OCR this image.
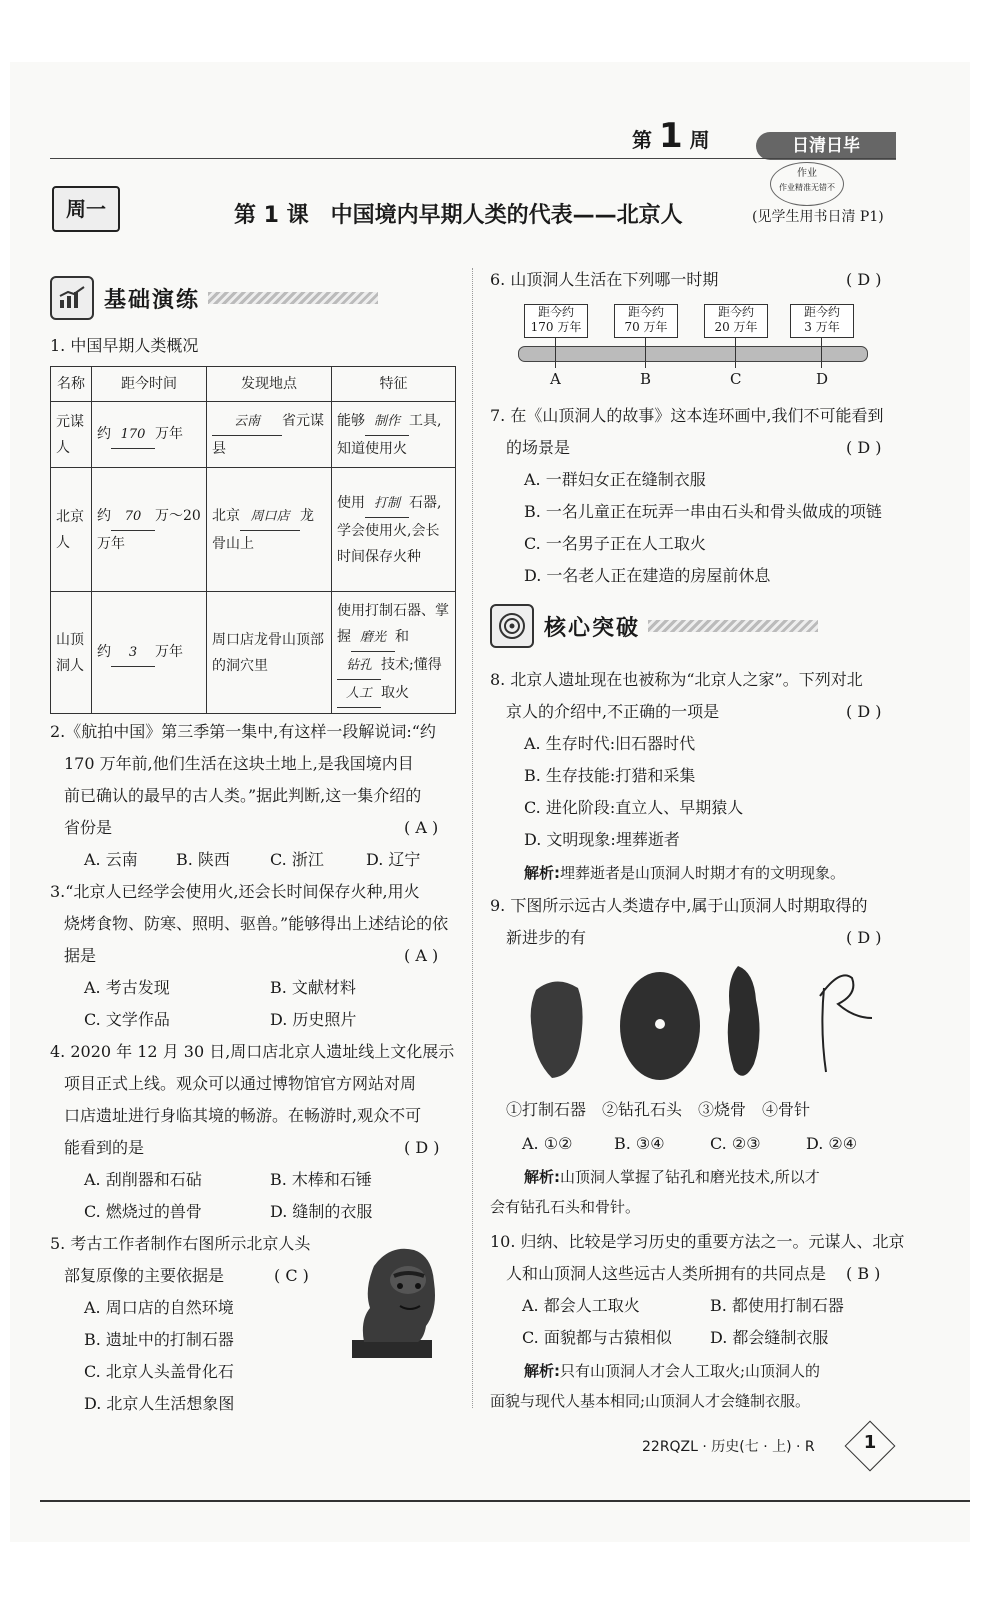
第 1 周	日清日毕
作业
作业精准无错不
周一	第 1 课　中国境内早期人类的代表——北京人	(见学生用书日清 P1)
基础演练
1. 中国早期人类概况
名称	距今时间	发现地点	特征
元谋人	约 170 万年	云南 省元谋县	能够 制作 工具,知道使用火
北京人	约 70 万～20万年	北京 周口店 龙骨山上	使用 打制 石器,学会使用火,会长时间保存火种
山顶洞人	约 3 万年	周口店龙骨山顶部的洞穴里	使用打制石器、掌握 磨光 和钻孔 技术;懂得人工 取火
2.《航拍中国》第三季第一集中,有这样一段解说词:“约
170 万年前,他们生活在这块土地上,是我国境内目
前已确认的最早的古人类。”据此判断,这一集介绍的
省份是	( A )
A. 云南 B. 陕西	C. 浙江	D. 辽宁
3.“北京人已经学会使用火,还会长时间保存火种,用火
烧烤食物、防寒、照明、驱兽。”能够得出上述结论的依
据是	( A )
A. 考古发现	B. 文献材料
C. 文学作品	D. 历史照片
4. 2020 年 12 月 30 日,周口店北京人遗址线上文化展示
项目正式上线。观众可以通过博物馆官方网站对周
口店遗址进行身临其境的畅游。在畅游时,观众不可
能看到的是	( D )
A. 刮削器和石砧	B. 木棒和石锤
C. 燃烧过的兽骨	D. 缝制的衣服
5. 考古工作者制作右图所示北京人头
部复原像的主要依据是	( C )
A. 周口店的自然环境
B. 遗址中的打制石器
C. 北京人头盖骨化石
D. 北京人生活想象图
6. 山顶洞人生活在下列哪一时期	( D )
距今约
170 万年
距今约
70 万年
距今约
20 万年
距今约
3 万年
A	B	C	D
7. 在《山顶洞人的故事》这本连环画中,我们不可能看到
的场景是	( D )
A. 一群妇女正在缝制衣服
B. 一名儿童正在玩弄一串由石头和骨头做成的项链
C. 一名男子正在人工取火
D. 一名老人正在建造的房屋前休息
核心突破
8. 北京人遗址现在也被称为“北京人之家”。下列对北
京人的介绍中,不正确的一项是	( D )
A. 生存时代:旧石器时代
B. 生存技能:打猎和采集
C. 进化阶段:直立人、早期猿人
D. 文明现象:埋葬逝者
解析:埋葬逝者是山顶洞人时期才有的文明现象。
9. 下图所示远古人类遗存中,属于山顶洞人时期取得的
新进步的有	( D )
①打制石器　②钻孔石头　③烧骨　④骨针
A. ①②	B. ③④	C. ②③	D. ②④
解析:山顶洞人掌握了钻孔和磨光技术,所以才
会有钻孔石头和骨针。
10. 归纳、比较是学习历史的重要方法之一。元谋人、北京
人和山顶洞人这些远古人类所拥有的共同点是 ( B )
A. 都会人工取火	B. 都使用打制石器
C. 面貌都与古猿相似 D. 都会缝制衣服
解析:只有山顶洞人才会人工取火;山顶洞人的
面貌与现代人基本相同;山顶洞人才会缝制衣服。
22RQZL · 历史(七 · 上) · R	1
